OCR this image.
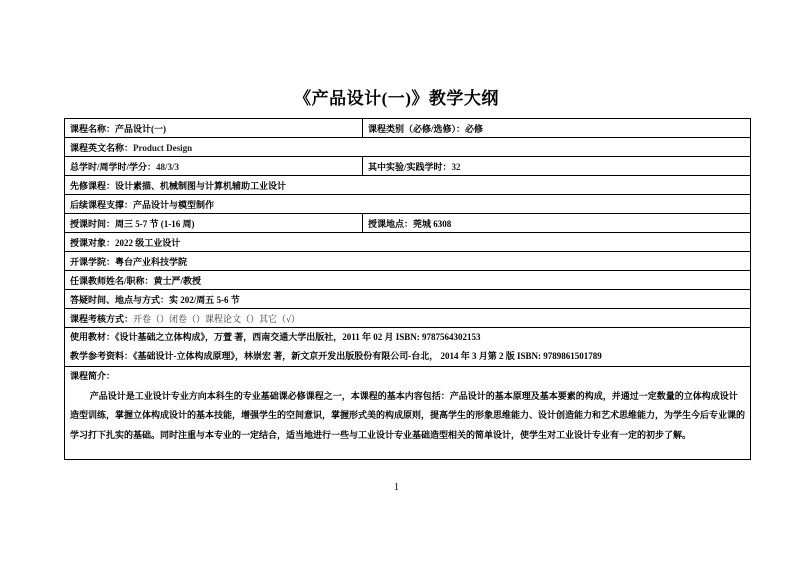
《产品设计(一)》教学大纲
课程名称：产品设计(一)	课程类别（必修/选修）：必修
课程英文名称：Product Design	
总学时/周学时/学分：48/3/3	其中实验/实践学时：32
先修课程：设计素描、机械制图与计算机辅助工业设计	
后续课程支撑：产品设计与模型制作	
授课时间：周三 5-7 节 (1-16 周)	授课地点：莞城 6308
授课对象：2022 级工业设计	
开课学院：粤台产业科技学院	
任课教师姓名/职称：黄士严/教授	
答疑时间、地点与方式：实 202/周五 5-6 节	
课程考核方式：开卷（）闭卷（）课程论文（）其它（√）	

使用教材：《设计基础之立体构成》，万萱 著，西南交通大学出版社，2011 年 02 月 ISBN: 9787564302153
教学参考资料：《基础设计-立体构成原理》，林崇宏 著，新文京开发出版股份有限公司-台北， 2014 年 3 月第 2 版 ISBN: 9789861501789	

课程简介：

产品设计是工业设计专业方向本科生的专业基础课必修课程之一，本课程的基本内容包括：产品设计的基本原理及基本要素的构成，并通过一定数量的立体构成设计造型训练，掌握立体构成设计的基本技能，增强学生的空间意识，掌握形式美的构成原则，提高学生的形象思维能力、设计创造能力和艺术思维能力，为学生今后专业课的学习打下扎实的基础。同时注重与本专业的一定结合，适当地进行一些与工业设计专业基础造型相关的简单设计，使学生对工业设计专业有一定的初步了解。	

1
